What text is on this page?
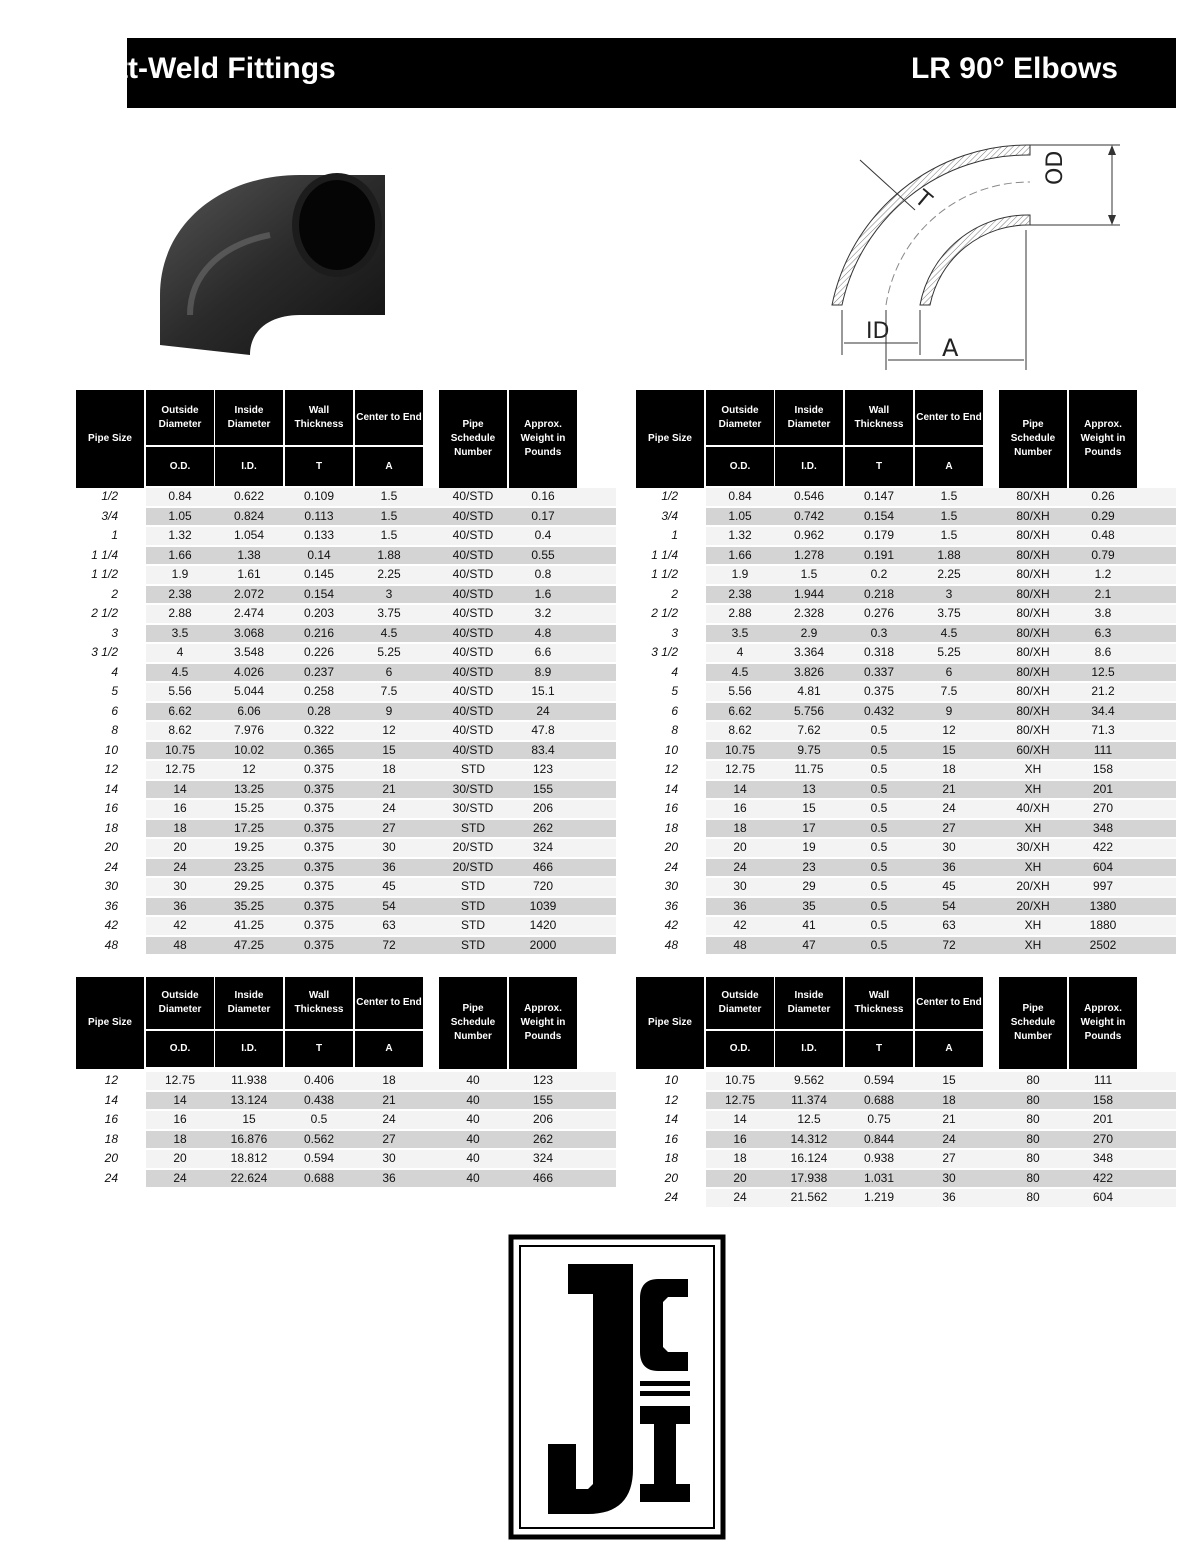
Butt-Weld Fittings	LR 90° Elbows
OD
T
ID
A
Pipe Size
Outside Diameter
O.D.
Inside Diameter
I.D.
Wall Thickness
T
Center to End
A
Pipe Schedule Number
Approx. Weight in Pounds
1/2	0.84	0.622	0.109	1.5	40/STD	0.16
3/4	1.05	0.824	0.113	1.5	40/STD	0.17
1	1.32	1.054	0.133	1.5	40/STD	0.4
1 1/4	1.66	1.38	0.14	1.88	40/STD	0.55
1 1/2	1.9	1.61	0.145	2.25	40/STD	0.8
2	2.38	2.072	0.154	3	40/STD	1.6
2 1/2	2.88	2.474	0.203	3.75	40/STD	3.2
3	3.5	3.068	0.216	4.5	40/STD	4.8
3 1/2	4	3.548	0.226	5.25	40/STD	6.6
4	4.5	4.026	0.237	6	40/STD	8.9
5	5.56	5.044	0.258	7.5	40/STD	15.1
6	6.62	6.06	0.28	9	40/STD	24
8	8.62	7.976	0.322	12	40/STD	47.8
10	10.75	10.02	0.365	15	40/STD	83.4
12	12.75	12	0.375	18	STD	123
14	14	13.25	0.375	21	30/STD	155
16	16	15.25	0.375	24	30/STD	206
18	18	17.25	0.375	27	STD	262
20	20	19.25	0.375	30	20/STD	324
24	24	23.25	0.375	36	20/STD	466
30	30	29.25	0.375	45	STD	720
36	36	35.25	0.375	54	STD	1039
42	42	41.25	0.375	63	STD	1420
48	48	47.25	0.375	72	STD	2000
Pipe Size
Outside Diameter
O.D.
Inside Diameter
I.D.
Wall Thickness
T
Center to End
A
Pipe Schedule Number
Approx. Weight in Pounds
1/2	0.84	0.546	0.147	1.5	80/XH	0.26
3/4	1.05	0.742	0.154	1.5	80/XH	0.29
1	1.32	0.962	0.179	1.5	80/XH	0.48
1 1/4	1.66	1.278	0.191	1.88	80/XH	0.79
1 1/2	1.9	1.5	0.2	2.25	80/XH	1.2
2	2.38	1.944	0.218	3	80/XH	2.1
2 1/2	2.88	2.328	0.276	3.75	80/XH	3.8
3	3.5	2.9	0.3	4.5	80/XH	6.3
3 1/2	4	3.364	0.318	5.25	80/XH	8.6
4	4.5	3.826	0.337	6	80/XH	12.5
5	5.56	4.81	0.375	7.5	80/XH	21.2
6	6.62	5.756	0.432	9	80/XH	34.4
8	8.62	7.62	0.5	12	80/XH	71.3
10	10.75	9.75	0.5	15	60/XH	111
12	12.75	11.75	0.5	18	XH	158
14	14	13	0.5	21	XH	201
16	16	15	0.5	24	40/XH	270
18	18	17	0.5	27	XH	348
20	20	19	0.5	30	30/XH	422
24	24	23	0.5	36	XH	604
30	30	29	0.5	45	20/XH	997
36	36	35	0.5	54	20/XH	1380
42	42	41	0.5	63	XH	1880
48	48	47	0.5	72	XH	2502
Pipe Size
Outside Diameter
O.D.
Inside Diameter
I.D.
Wall Thickness
T
Center to End
A
Pipe Schedule Number
Approx. Weight in Pounds
12	12.75	11.938	0.406	18	40	123
14	14	13.124	0.438	21	40	155
16	16	15	0.5	24	40	206
18	18	16.876	0.562	27	40	262
20	20	18.812	0.594	30	40	324
24	24	22.624	0.688	36	40	466
Pipe Size
Outside Diameter
O.D.
Inside Diameter
I.D.
Wall Thickness
T
Center to End
A
Pipe Schedule Number
Approx. Weight in Pounds
10	10.75	9.562	0.594	15	80	111
12	12.75	11.374	0.688	18	80	158
14	14	12.5	0.75	21	80	201
16	16	14.312	0.844	24	80	270
18	18	16.124	0.938	27	80	348
20	20	17.938	1.031	30	80	422
24	24	21.562	1.219	36	80	604
